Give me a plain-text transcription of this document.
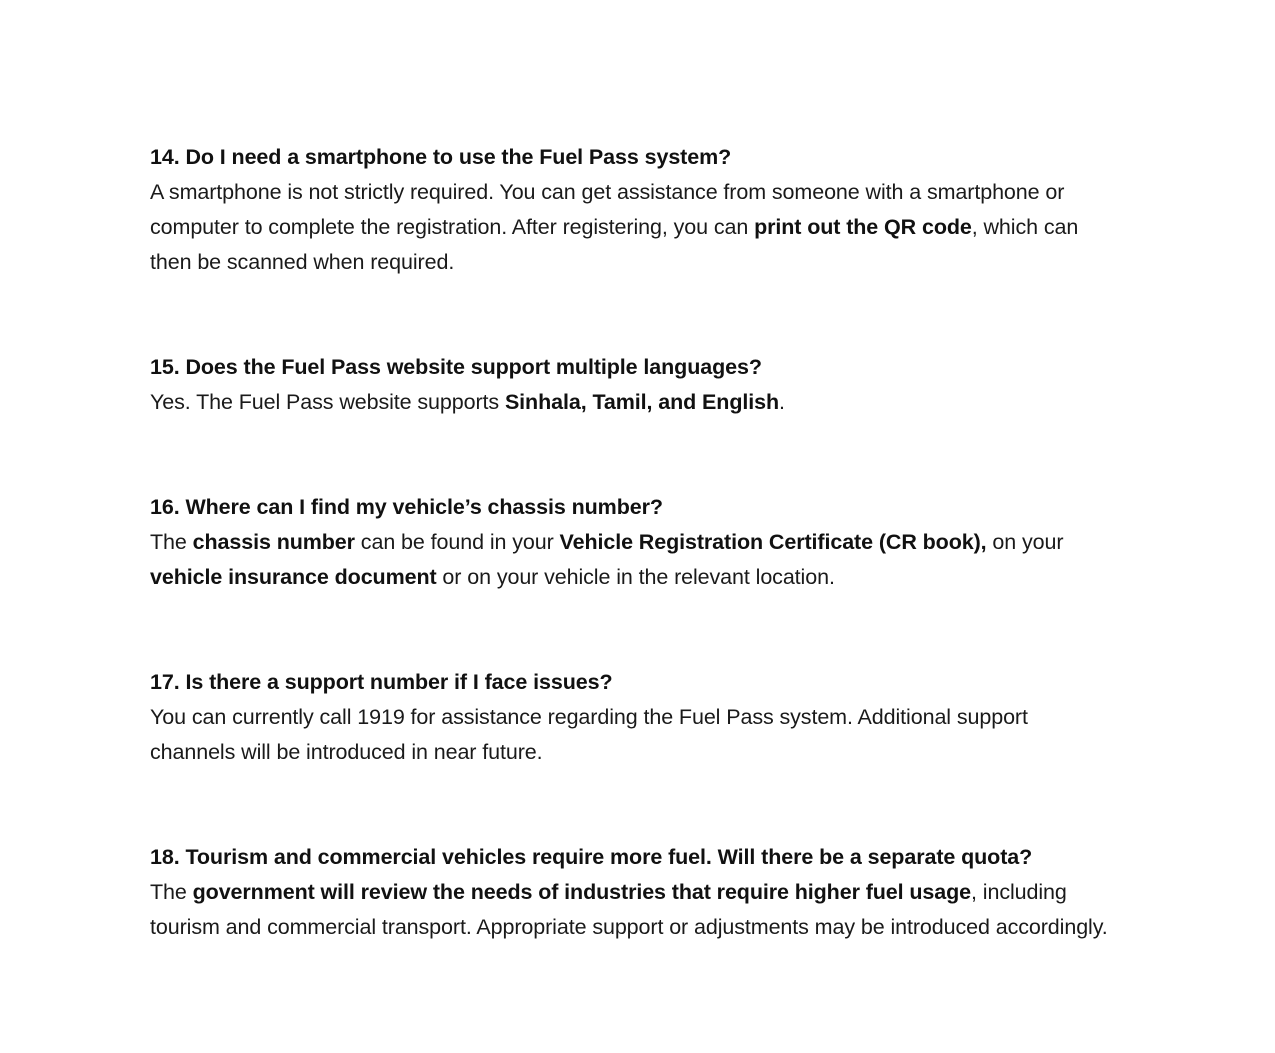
14. Do I need a smartphone to use the Fuel Pass system?

A smartphone is not strictly required. You can get assistance from someone with a smartphone or computer to complete the registration. After registering, you can print out the QR code, which can then be scanned when required.

15. Does the Fuel Pass website support multiple languages?

Yes. The Fuel Pass website supports Sinhala, Tamil, and English.

16. Where can I find my vehicle’s chassis number?

The chassis number can be found in your Vehicle Registration Certificate (CR book), on your vehicle insurance document or on your vehicle in the relevant location.

17. Is there a support number if I face issues?

You can currently call 1919 for assistance regarding the Fuel Pass system. Additional support channels will be introduced in near future.

18. Tourism and commercial vehicles require more fuel. Will there be a separate quota?

The government will review the needs of industries that require higher fuel usage, including tourism and commercial transport. Appropriate support or adjustments may be introduced accordingly.
